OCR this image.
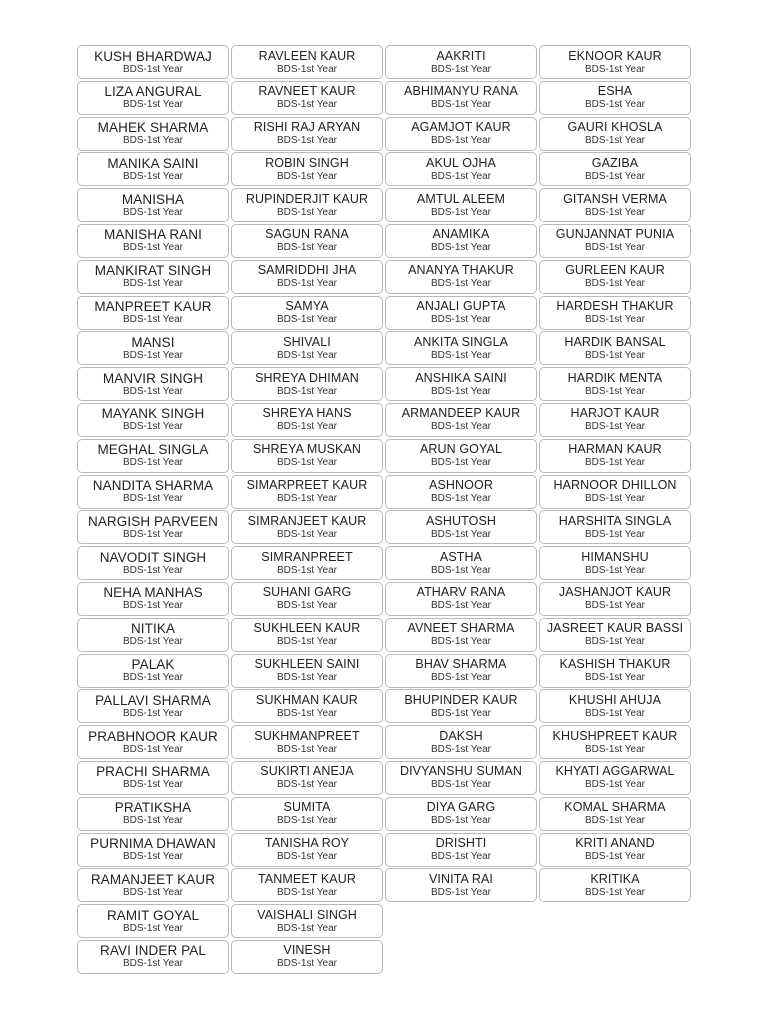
KUSH BHARDWAJ
BDS-1st Year
LIZA ANGURAL
BDS-1st Year
MAHEK SHARMA
BDS-1st Year
MANIKA SAINI
BDS-1st Year
MANISHA
BDS-1st Year
MANISHA RANI
BDS-1st Year
MANKIRAT SINGH
BDS-1st Year
MANPREET KAUR
BDS-1st Year
MANSI
BDS-1st Year
MANVIR SINGH
BDS-1st Year
MAYANK SINGH
BDS-1st Year
MEGHAL SINGLA
BDS-1st Year
NANDITA SHARMA
BDS-1st Year
NARGISH PARVEEN
BDS-1st Year
NAVODIT SINGH
BDS-1st Year
NEHA MANHAS
BDS-1st Year
NITIKA
BDS-1st Year
PALAK
BDS-1st Year
PALLAVI SHARMA
BDS-1st Year
PRABHNOOR KAUR
BDS-1st Year
PRACHI SHARMA
BDS-1st Year
PRATIKSHA
BDS-1st Year
PURNIMA DHAWAN
BDS-1st Year
RAMANJEET KAUR
BDS-1st Year
RAMIT GOYAL
BDS-1st Year
RAVI INDER PAL
BDS-1st Year
RAVLEEN KAUR
BDS-1st Year
RAVNEET KAUR
BDS-1st Year
RISHI RAJ ARYAN
BDS-1st Year
ROBIN SINGH
BDS-1st Year
RUPINDERJIT KAUR
BDS-1st Year
SAGUN RANA
BDS-1st Year
SAMRIDDHI JHA
BDS-1st Year
SAMYA
BDS-1st Year
SHIVALI
BDS-1st Year
SHREYA DHIMAN
BDS-1st Year
SHREYA HANS
BDS-1st Year
SHREYA MUSKAN
BDS-1st Year
SIMARPREET KAUR
BDS-1st Year
SIMRANJEET KAUR
BDS-1st Year
SIMRANPREET
BDS-1st Year
SUHANI GARG
BDS-1st Year
SUKHLEEN KAUR
BDS-1st Year
SUKHLEEN SAINI
BDS-1st Year
SUKHMAN KAUR
BDS-1st Year
SUKHMANPREET
BDS-1st Year
SUKIRTI ANEJA
BDS-1st Year
SUMITA
BDS-1st Year
TANISHA ROY
BDS-1st Year
TANMEET KAUR
BDS-1st Year
VAISHALI SINGH
BDS-1st Year
VINESH
BDS-1st Year
AAKRITI
BDS-1st Year
ABHIMANYU RANA
BDS-1st Year
AGAMJOT KAUR
BDS-1st Year
AKUL OJHA
BDS-1st Year
AMTUL ALEEM
BDS-1st Year
ANAMIKA
BDS-1st Year
ANANYA THAKUR
BDS-1st Year
ANJALI GUPTA
BDS-1st Year
ANKITA SINGLA
BDS-1st Year
ANSHIKA SAINI
BDS-1st Year
ARMANDEEP KAUR
BDS-1st Year
ARUN GOYAL
BDS-1st Year
ASHNOOR
BDS-1st Year
ASHUTOSH
BDS-1st Year
ASTHA
BDS-1st Year
ATHARV RANA
BDS-1st Year
AVNEET SHARMA
BDS-1st Year
BHAV SHARMA
BDS-1st Year
BHUPINDER KAUR
BDS-1st Year
DAKSH
BDS-1st Year
DIVYANSHU SUMAN
BDS-1st Year
DIYA GARG
BDS-1st Year
DRISHTI
BDS-1st Year
VINITA RAI
BDS-1st Year
EKNOOR KAUR
BDS-1st Year
ESHA
BDS-1st Year
GAURI KHOSLA
BDS-1st Year
GAZIBA
BDS-1st Year
GITANSH VERMA
BDS-1st Year
GUNJANNAT PUNIA
BDS-1st Year
GURLEEN KAUR
BDS-1st Year
HARDESH THAKUR
BDS-1st Year
HARDIK BANSAL
BDS-1st Year
HARDIK MENTA
BDS-1st Year
HARJOT KAUR
BDS-1st Year
HARMAN KAUR
BDS-1st Year
HARNOOR DHILLON
BDS-1st Year
HARSHITA SINGLA
BDS-1st Year
HIMANSHU
BDS-1st Year
JASHANJOT KAUR
BDS-1st Year
JASREET KAUR BASSI
BDS-1st Year
KASHISH THAKUR
BDS-1st Year
KHUSHI AHUJA
BDS-1st Year
KHUSHPREET KAUR
BDS-1st Year
KHYATI AGGARWAL
BDS-1st Year
KOMAL SHARMA
BDS-1st Year
KRITI ANAND
BDS-1st Year
KRITIKA
BDS-1st Year
